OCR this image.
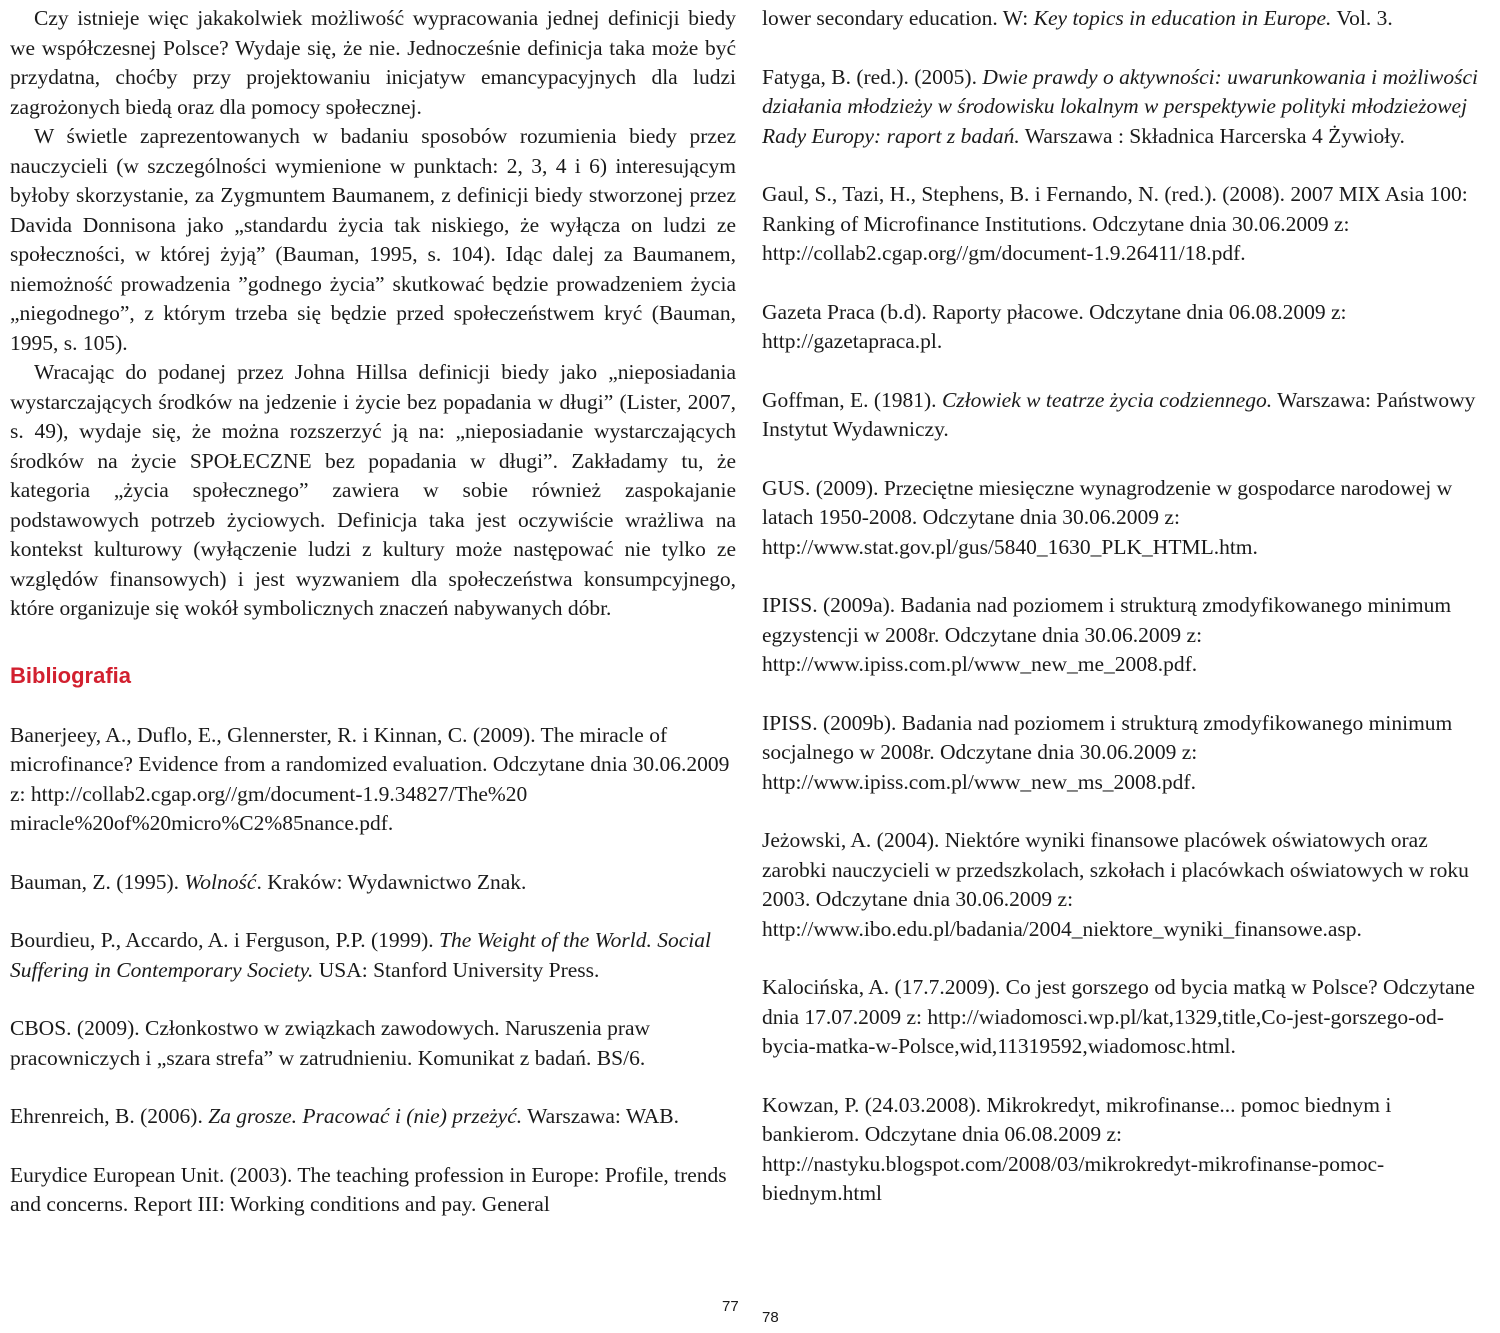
Czy istnieje więc jakakolwiek możliwość wypracowania jednej definicji biedy we współczesnej Polsce? Wydaje się, że nie. Jednocześnie definicja taka może być przydatna, choćby przy projektowaniu inicjatyw emancypacyjnych dla ludzi zagrożonych biedą oraz dla pomocy społecznej.

W świetle zaprezentowanych w badaniu sposobów rozumienia biedy przez nauczycieli (w szczególności wymienione w punktach: 2, 3, 4 i 6) interesującym byłoby skorzystanie, za Zygmuntem Baumanem, z definicji biedy stworzonej przez Davida Donnisona jako „standardu życia tak niskiego, że wyłącza on ludzi ze społeczności, w której żyją” (Bauman, 1995, s. 104). Idąc dalej za Baumanem, niemożność prowadzenia ”godnego życia” skutkować będzie prowadzeniem życia „niegodnego”, z którym trzeba się będzie przed społeczeństwem kryć (Bauman, 1995, s. 105).

Wracając do podanej przez Johna Hillsa definicji biedy jako „nieposiadania wystarczających środków na jedzenie i życie bez popadania w długi” (Lister, 2007, s. 49), wydaje się, że można rozszerzyć ją na: „nieposiadanie wystarczających środków na życie SPOŁECZNE bez popadania w długi”. Zakładamy tu, że kategoria „życia społecznego” zawiera w sobie również zaspokajanie podstawowych potrzeb życiowych. Definicja taka jest oczywiście wrażliwa na kontekst kulturowy (wyłączenie ludzi z kultury może następować nie tylko ze względów finansowych) i jest wyzwaniem dla społeczeństwa konsumpcyjnego, które organizuje się wokół symbolicznych znaczeń nabywanych dóbr.

Bibliografia

Banerjeey, A., Duflo, E., Glennerster, R. i Kinnan, C. (2009). The miracle of microfinance? Evidence from a randomized evaluation. Odczytane dnia 30.06.2009 z: http://collab2.cgap.org//gm/document-1.9.34827/The%20 miracle%20of%20micro%C2%85nance.pdf.

Bauman, Z. (1995). Wolność. Kraków: Wydawnictwo Znak.

Bourdieu, P., Accardo, A. i Ferguson, P.P. (1999). The Weight of the World. Social Suffering in Contemporary Society. USA: Stanford University Press.

CBOS. (2009). Członkostwo w związkach zawodowych. Naruszenia praw pracowniczych i „szara strefa” w zatrudnieniu. Komunikat z badań. BS/6.

Ehrenreich, B. (2006). Za grosze. Pracować i (nie) przeżyć. Warszawa: WAB.

Eurydice European Unit. (2003). The teaching profession in Europe: Profile, trends and concerns. Report III: Working conditions and pay. General

lower secondary education. W: Key topics in education in Europe. Vol. 3.

Fatyga, B. (red.). (2005). Dwie prawdy o aktywności: uwarunkowania i możliwości działania młodzieży w środowisku lokalnym w perspektywie polityki młodzieżowej Rady Europy: raport z badań. Warszawa : Składnica Harcerska 4 Żywioły.

Gaul, S., Tazi, H., Stephens, B. i Fernando, N. (red.). (2008). 2007 MIX Asia 100: Ranking of Microfinance Institutions. Odczytane dnia 30.06.2009 z: http://collab2.cgap.org//gm/document-1.9.26411/18.pdf.

Gazeta Praca (b.d). Raporty płacowe. Odczytane dnia 06.08.2009 z: http://gazetapraca.pl.

Goffman, E. (1981). Człowiek w teatrze życia codziennego. Warszawa: Państwowy Instytut Wydawniczy.

GUS. (2009). Przeciętne miesięczne wynagrodzenie w gospodarce narodowej w latach 1950-2008. Odczytane dnia 30.06.2009 z: http://www.stat.gov.pl/gus/5840_1630_PLK_HTML.htm.

IPISS. (2009a). Badania nad poziomem i strukturą zmodyfikowanego minimum egzystencji w 2008r. Odczytane dnia 30.06.2009 z: http://www.ipiss.com.pl/www_new_me_2008.pdf.

IPISS. (2009b). Badania nad poziomem i strukturą zmodyfikowanego minimum socjalnego w 2008r. Odczytane dnia 30.06.2009 z: http://www.ipiss.com.pl/www_new_ms_2008.pdf.

Jeżowski, A. (2004). Niektóre wyniki finansowe placówek oświatowych oraz zarobki nauczycieli w przedszkolach, szkołach i placówkach oświatowych w roku 2003. Odczytane dnia 30.06.2009 z: http://www.ibo.edu.pl/badania/2004_niektore_wyniki_finansowe.asp.

Kalocińska, A. (17.7.2009). Co jest gorszego od bycia matką w Polsce? Odczytane dnia 17.07.2009 z: http://wiadomosci.wp.pl/kat,1329,title,Co-jest-gorszego-od-bycia-matka-w-Polsce,wid,11319592,wiadomosc.html.

Kowzan, P. (24.03.2008). Mikrokredyt, mikrofinanse... pomoc biednym i bankierom. Odczytane dnia 06.08.2009 z: http://nastyku.blogspot.com/2008/03/mikrokredyt-mikrofinanse-pomoc-biednym.html

77
78
